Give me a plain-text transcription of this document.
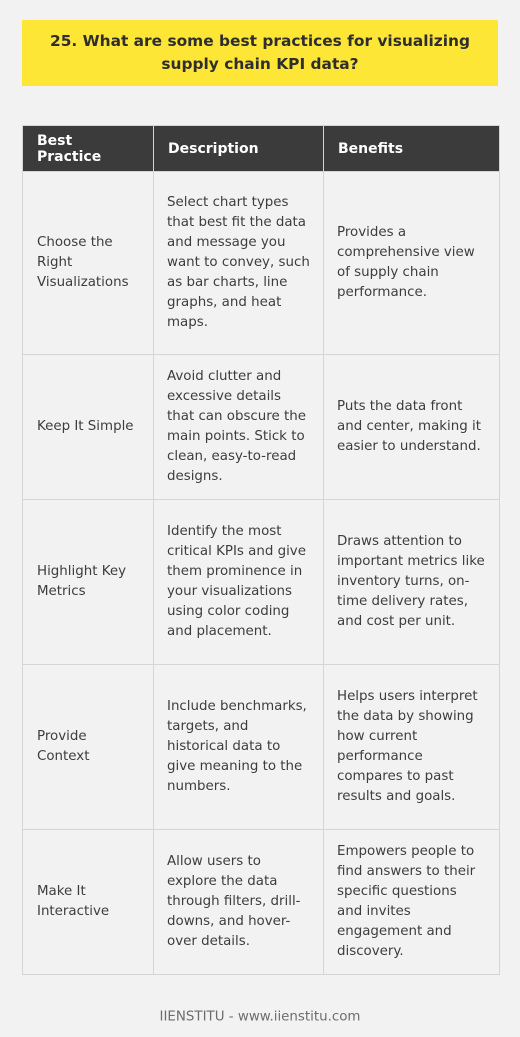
25. What are some best practices for visualizing supply chain KPI data?
Best Practice	Description	Benefits
Choose the Right Visualizations	Select chart types that best fit the data and message you want to convey, such as bar charts, line graphs, and heat maps.	Provides a comprehensive view of supply chain performance.
Keep It Simple	Avoid clutter and excessive details that can obscure the main points. Stick to clean, easy-to-read designs.	Puts the data front and center, making it easier to understand.
Highlight Key Metrics	Identify the most critical KPIs and give them prominence in your visualizations using color coding and placement.	Draws attention to important metrics like inventory turns, on-time delivery rates, and cost per unit.
Provide Context	Include benchmarks, targets, and historical data to give meaning to the numbers.	Helps users interpret the data by showing how current performance compares to past results and goals.
Make It Interactive	Allow users to explore the data through filters, drill-downs, and hover-over details.	Empowers people to find answers to their specific questions and invites engagement and discovery.
IIENSTITU - www.iienstitu.com
